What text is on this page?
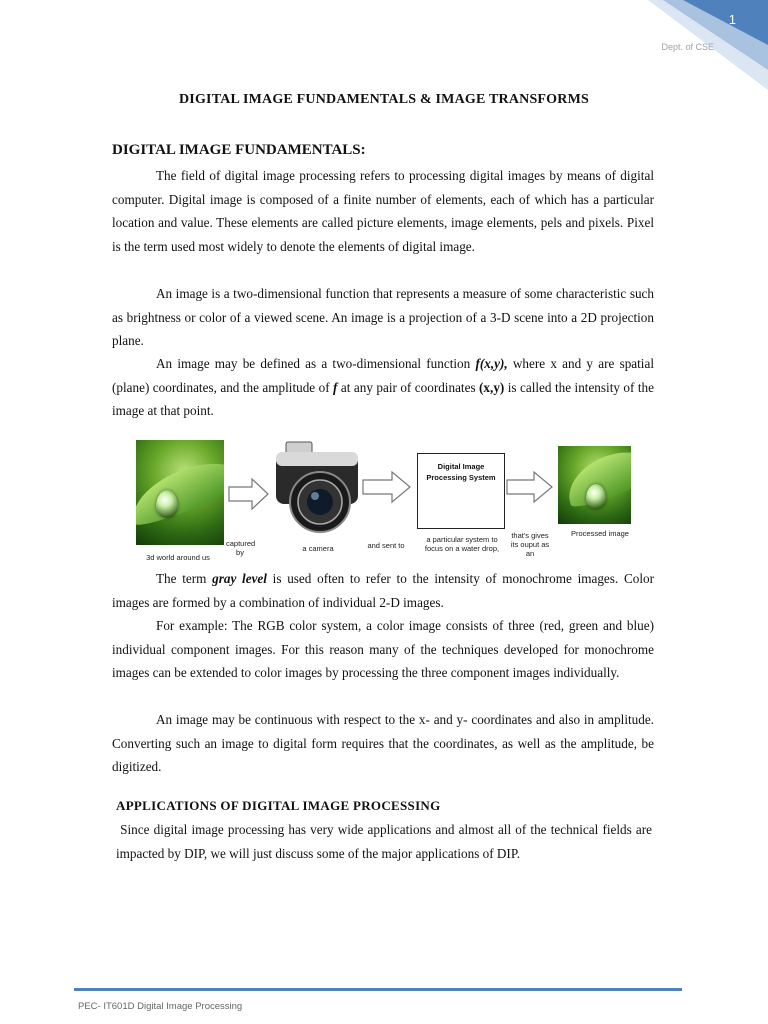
1
Dept. of CSE
DIGITAL IMAGE FUNDAMENTALS & IMAGE TRANSFORMS
DIGITAL IMAGE FUNDAMENTALS:

The field of digital image processing refers to processing digital images by means of digital computer. Digital image is composed of a finite number of elements, each of which has a particular location and value. These elements are called picture elements, image elements, pels and pixels. Pixel is the term used most widely to denote the elements of digital image.

An image is a two-dimensional function that represents a measure of some characteristic such as brightness or color of a viewed scene. An image is a projection of a 3-D scene into a 2D projection plane.

An image may be defined as a two-dimensional function f(x,y), where x and y are spatial (plane) coordinates, and the amplitude of f at any pair of coordinates (x,y) is called the intensity of the image at that point.

Digital Image Processing System
3d world around us
captured by	a camera	and sent to
a particular system to focus on a water drop,
that's gives its ouput as an
Processed image

The term gray level is used often to refer to the intensity of monochrome images. Color images are formed by a combination of individual 2-D images.

For example: The RGB color system, a color image consists of three (red, green and blue) individual component images. For this reason many of the techniques developed for monochrome images can be extended to color images by processing the three component images individually.

An image may be continuous with respect to the x- and y- coordinates and also in amplitude. Converting such an image to digital form requires that the coordinates, as well as the amplitude, be digitized.

APPLICATIONS OF DIGITAL IMAGE PROCESSING

Since digital image processing has very wide applications and almost all of the technical fields are impacted by DIP, we will just discuss some of the major applications of DIP.

PEC- IT601D Digital Image Processing
